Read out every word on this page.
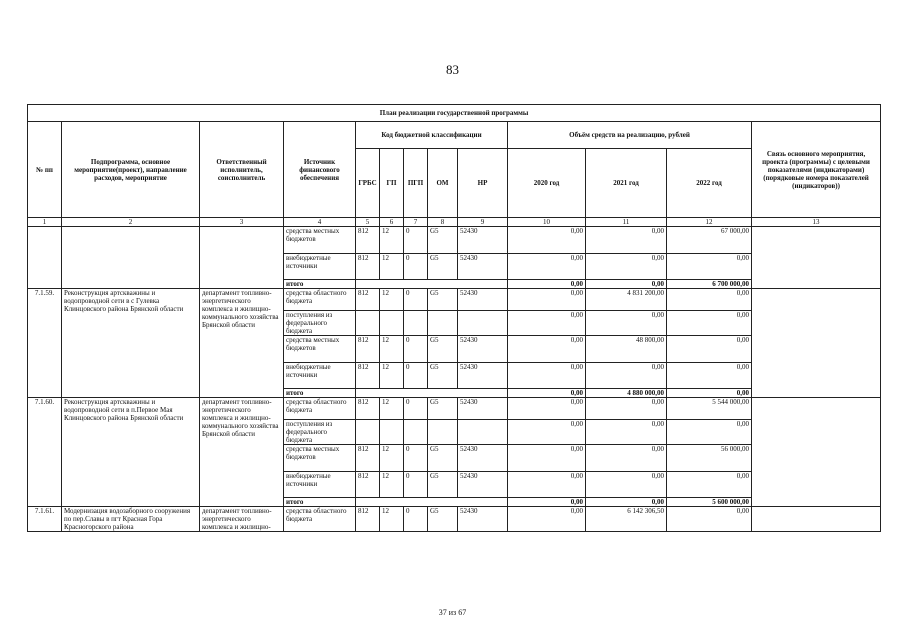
83
План реализации государственной программы												
№ пп	Подпрограмма, основное мероприятие(проект), направление расходов, мероприятие	Ответственный исполнитель, соисполнитель	Источник финансового обеспечения	Код бюджетной классификации					Объём средств на реализацию, рублей			Связь основного мероприятия, проекта (программы) с целевыми показателями (индикаторами) (порядковые номера показателей (индикаторов))
				ГРБС	ГП	ПГП	ОМ	НР	2020 год	2021 год	2022 год	
1	2	3	4	5	6	7	8	9	10	11	12	13
			средства местных бюджетов	812	12	0	G5	52430	0,00	0,00	67 000,00	
			внебюджетные источники	812	12	0	G5	52430	0,00	0,00	0,00	
			итого						0,00	0,00	6 700 000,00	
7.1.59.	Реконструкция артскважины и водопроводной сети в с Гулевка Клинцовского района Брянской области	департамент топливно-энергетического комплекса и жилищно-коммунального хозяйства Брянской области	средства областного бюджета	812	12	0	G5	52430	0,00	4 831 200,00	0,00	
			поступления из федерального бюджета						0,00	0,00	0,00	
			средства местных бюджетов	812	12	0	G5	52430	0,00	48 800,00	0,00	
			внебюджетные источники	812	12	0	G5	52430	0,00	0,00	0,00	
			итого						0,00	4 880 000,00	0,00	
7.1.60.	Реконструкция артскважины и водопроводной сети в п.Первое Мая Клинцовского района Брянской области	департамент топливно-энергетического комплекса и жилищно-коммунального хозяйства Брянской области	средства областного бюджета	812	12	0	G5	52430	0,00	0,00	5 544 000,00	
			поступления из федерального бюджета						0,00	0,00	0,00	
			средства местных бюджетов	812	12	0	G5	52430	0,00	0,00	56 000,00	
			внебюджетные источники	812	12	0	G5	52430	0,00	0,00	0,00	
			итого						0,00	0,00	5 600 000,00	
7.1.61.	Модернизация водозаборного сооружения по пер.Славы в пгт Красная Гора Красногорского района	департамент топливно-энергетического комплекса и жилищно-	средства областного бюджета	812	12	0	G5	52430	0,00	6 142 306,50	0,00	
37 из 67
